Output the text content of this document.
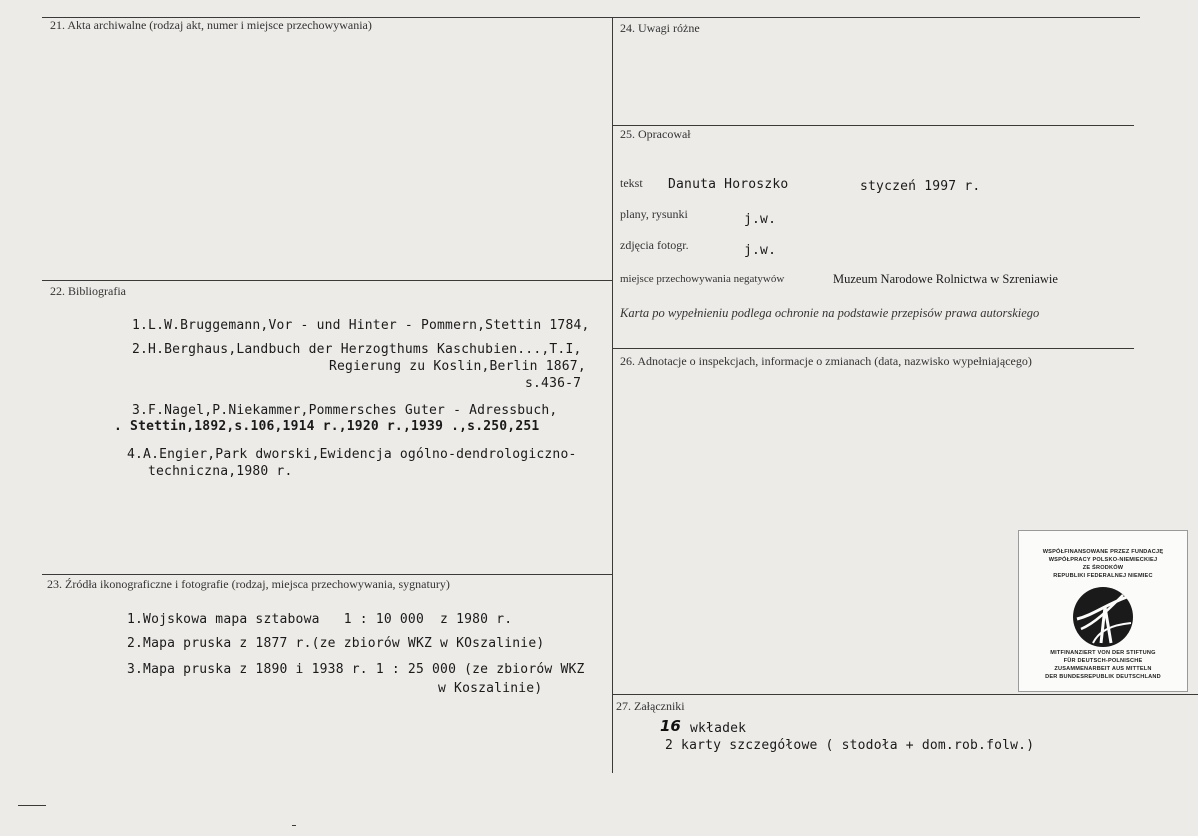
21. Akta archiwalne (rodzaj akt, numer i miejsce przechowywania)
22. Bibliografia
1.L.W.Bruggemann,Vor - und Hinter - Pommern,Stettin 1784,
2.H.Berghaus,Landbuch der Herzogthums Kaschubien...,T.I,
Regierung zu Koslin,Berlin 1867,
s.436-7
3.F.Nagel,P.Niekammer,Pommersches Guter - Adressbuch,
. Stettin,1892,s.106,1914 r.,1920 r.,1939 .,s.250,251
4.A.Engier,Park dworski,Ewidencja ogólno-dendrologiczno-
techniczna,1980 r.
23. Źródła ikonograficzne i fotografie (rodzaj, miejsca przechowywania, sygnatury)
1.Wojskowa mapa sztabowa   1 : 10 000  z 1980 r.
2.Mapa pruska z 1877 r.(ze zbiorów WKZ w KOszalinie)
3.Mapa pruska z 1890 i 1938 r. 1 : 25 000 (ze zbiorów WKZ
w Koszalinie)
24. Uwagi różne
25. Opracował
tekst Danuta Horoszko	styczeń 1997 r.
plany, rysunki	j.w.
zdjęcia fotogr.	j.w.
miejsce przechowywania negatywów	Muzeum Narodowe Rolnictwa w Szreniawie
Karta po wypełnieniu podlega ochronie na podstawie przepisów prawa autorskiego
26. Adnotacje o inspekcjach, informacje o zmianach (data, nazwisko wypełniającego)
27. Załączniki
16 wkładek
2 karty szczegółowe ( stodoła + dom.rob.folw.)
WSPÓŁFINANSOWANE PRZEZ FUNDACJĘ
WSPÓŁPRACY POLSKO-NIEMIECKIEJ
ZE ŚRODKÓW
REPUBLIKI FEDERALNEJ NIEMIEC
MITFINANZIERT VON DER STIFTUNG
FÜR DEUTSCH-POLNISCHE
ZUSAMMENARBEIT AUS MITTELN
DER BUNDESREPUBLIK DEUTSCHLAND
